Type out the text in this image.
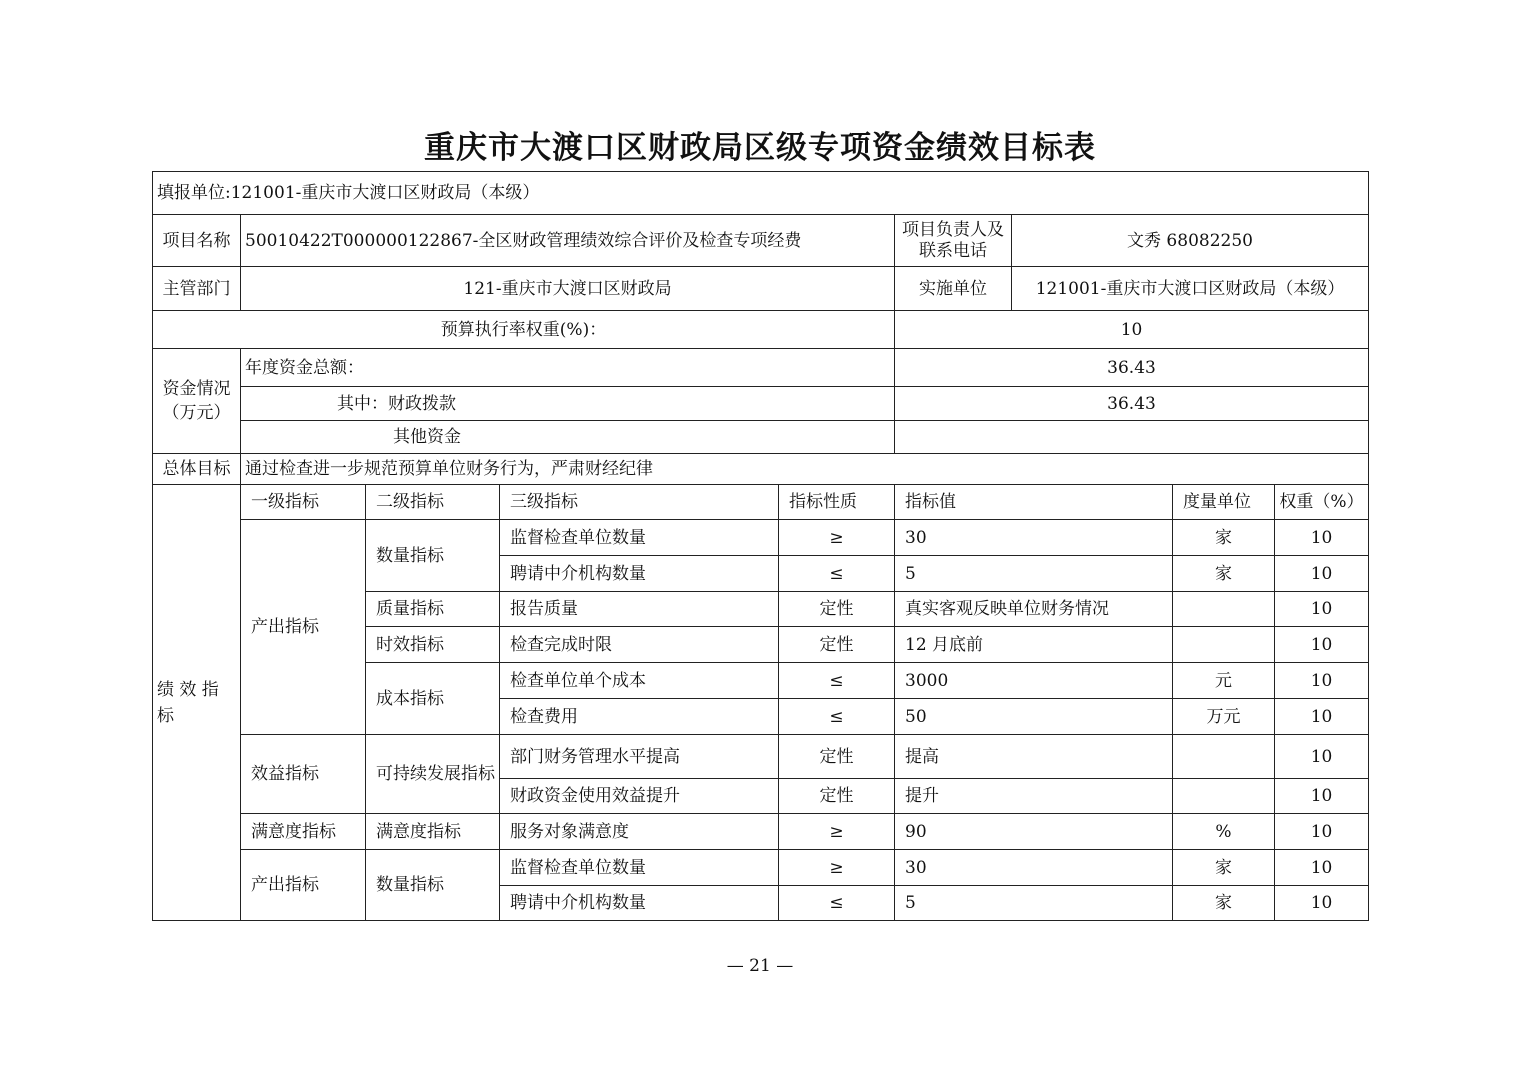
重庆市大渡口区财政局区级专项资金绩效目标表
填报单位:121001-重庆市大渡口区财政局（本级）								
项目名称	50010422T000000122867-全区财政管理绩效综合评价及检查专项经费				项目负责人及联系电话	文秀 68082250		
主管部门	121-重庆市大渡口区财政局				实施单位	121001-重庆市大渡口区财政局（本级）		
预算执行率权重(%)：					10			
资金情况（万元）	年度资金总额：				36.43			
	其中：财政拨款				36.43			
	其他资金							
总体目标	通过检查进一步规范预算单位财务行为，严肃财经纪律							
绩 效 指 标	一级指标	二级指标	三级指标	指标性质	指标值		度量单位	权重（%）
	产出指标	数量指标	监督检查单位数量	≥	30		家	10
			聘请中介机构数量	≤	5		家	10
		质量指标	报告质量	定性	真实客观反映单位财务情况			10
		时效指标	检查完成时限	定性	12 月底前			10
		成本指标	检查单位单个成本	≤	3000		元	10
			检查费用	≤	50		万元	10
	效益指标	可持续发展指标	部门财务管理水平提高	定性	提高			10
			财政资金使用效益提升	定性	提升			10
	满意度指标	满意度指标	服务对象满意度	≥	90		%	10
	产出指标	数量指标	监督检查单位数量	≥	30		家	10
			聘请中介机构数量	≤	5		家	10
— 21 —
